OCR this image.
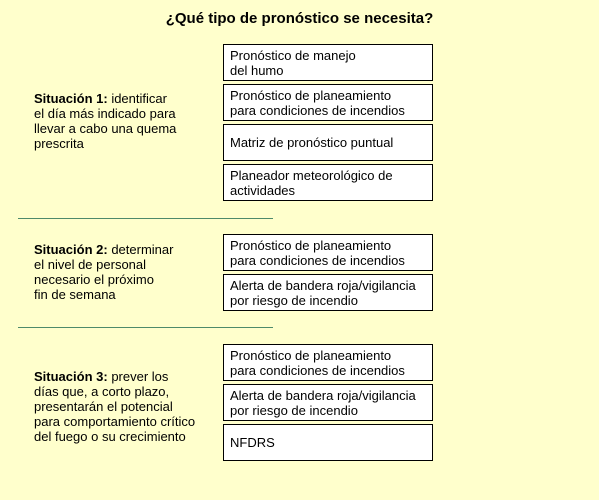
¿Qué tipo de pronóstico se necesita?
Situación 1: identificar
el día más indicado para
llevar a cabo una quema
prescrita
Pronóstico de manejo
del humo
Pronóstico de planeamiento
para condiciones de incendios
Matriz de pronóstico puntual
Planeador meteorológico de
actividades
Situación 2: determinar
el nivel de personal
necesario el próximo
fin de semana
Pronóstico de planeamiento
para condiciones de incendios
Alerta de bandera roja/vigilancia
por riesgo de incendio
Situación 3: prever los
días que, a corto plazo,
presentarán el potencial
para comportamiento crítico
del fuego o su crecimiento
Pronóstico de planeamiento
para condiciones de incendios
Alerta de bandera roja/vigilancia
por riesgo de incendio
NFDRS
